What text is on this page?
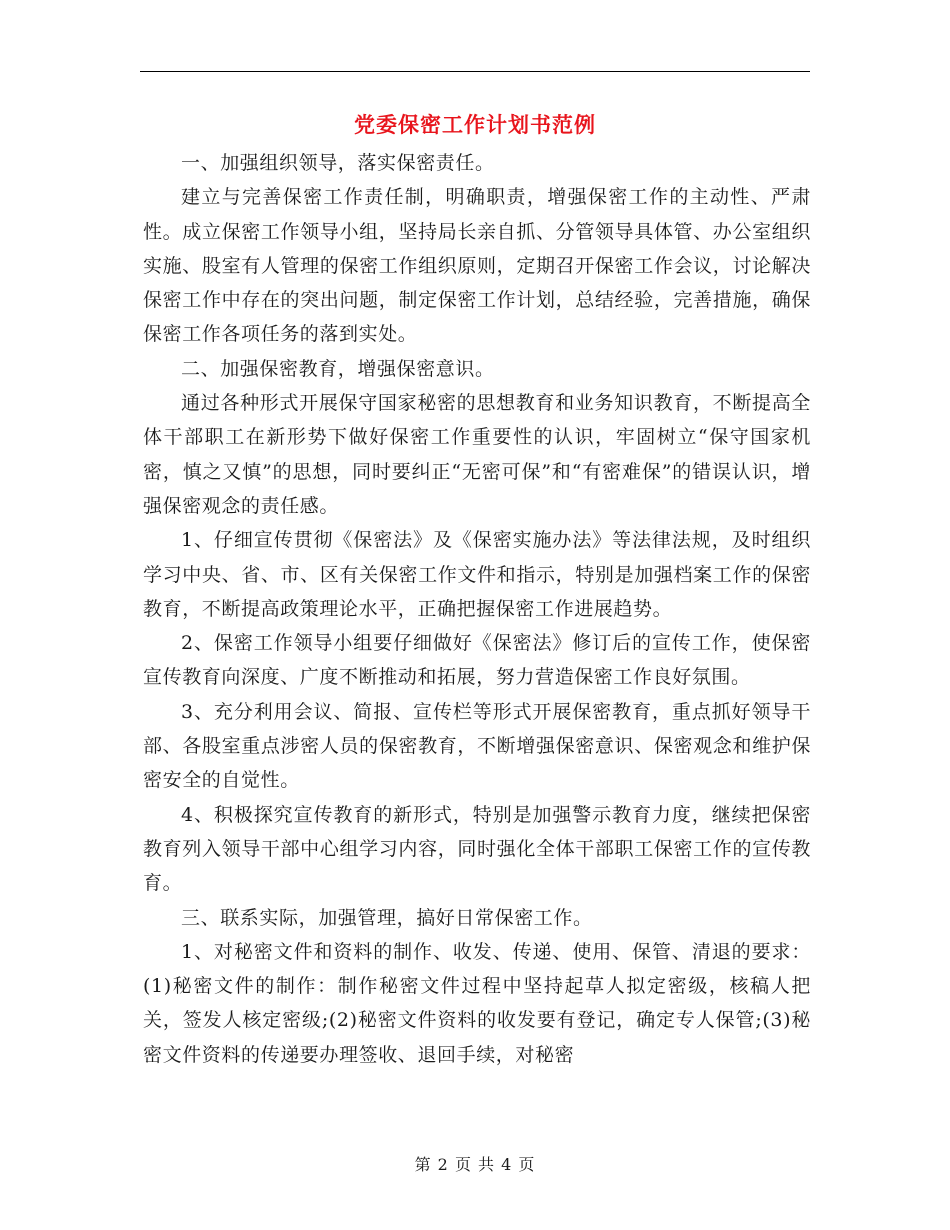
党委保密工作计划书范例

一、加强组织领导，落实保密责任。

建立与完善保密工作责任制，明确职责，增强保密工作的主动性、严肃性。成立保密工作领导小组，坚持局长亲自抓、分管领导具体管、办公室组织实施、股室有人管理的保密工作组织原则，定期召开保密工作会议，讨论解决保密工作中存在的突出问题，制定保密工作计划，总结经验，完善措施，确保保密工作各项任务的落到实处。

二、加强保密教育，增强保密意识。

通过各种形式开展保守国家秘密的思想教育和业务知识教育，不断提高全体干部职工在新形势下做好保密工作重要性的认识，牢固树立“保守国家机密，慎之又慎”的思想，同时要纠正“无密可保”和“有密难保”的错误认识，增强保密观念的责任感。

1、仔细宣传贯彻《保密法》及《保密实施办法》等法律法规，及时组织学习中央、省、市、区有关保密工作文件和指示，特别是加强档案工作的保密教育，不断提高政策理论水平，正确把握保密工作进展趋势。

2、保密工作领导小组要仔细做好《保密法》修订后的宣传工作，使保密宣传教育向深度、广度不断推动和拓展，努力营造保密工作良好氛围。

3、充分利用会议、简报、宣传栏等形式开展保密教育，重点抓好领导干部、各股室重点涉密人员的保密教育，不断增强保密意识、保密观念和维护保密安全的自觉性。

4、积极探究宣传教育的新形式，特别是加强警示教育力度，继续把保密教育列入领导干部中心组学习内容，同时强化全体干部职工保密工作的宣传教育。

三、联系实际，加强管理，搞好日常保密工作。

1、对秘密文件和资料的制作、收发、传递、使用、保管、清退的要求：(1)秘密文件的制作：制作秘密文件过程中坚持起草人拟定密级，核稿人把关，签发人核定密级;(2)秘密文件资料的收发要有登记，确定专人保管;(3)秘密文件资料的传递要办理签收、退回手续，对秘密

第 2 页 共 4 页
